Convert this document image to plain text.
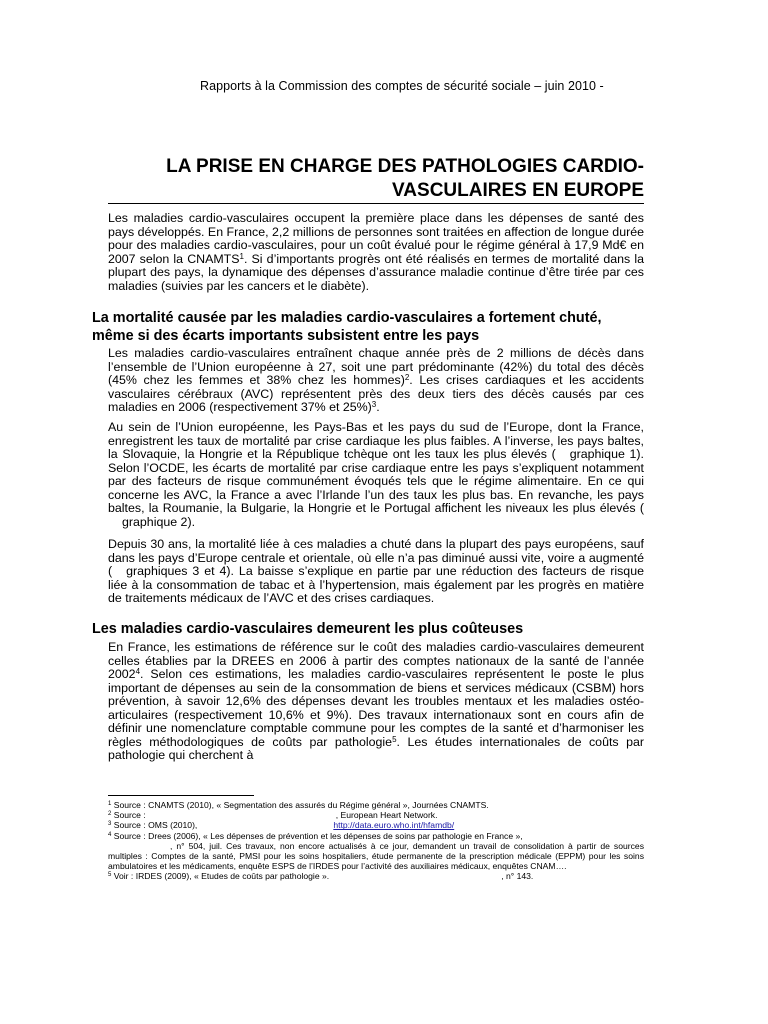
Rapports à la Commission des comptes de sécurité sociale – juin 2010 -
LA PRISE EN CHARGE DES PATHOLOGIES CARDIO-
VASCULAIRES EN EUROPE

Les maladies cardio-vasculaires occupent la première place dans les dépenses de santé des pays développés. En France, 2,2 millions de personnes sont traitées en affection de longue durée pour des maladies cardio-vasculaires, pour un coût évalué pour le régime général à 17,9 Md€ en 2007 selon la CNAMTS$^1$. Si d’importants progrès ont été réalisés en termes de mortalité dans la plupart des pays, la dynamique des dépenses d’assurance maladie continue d’être tirée par ces maladies (suivies par les cancers et le diabète).

La mortalité causée par les maladies cardio-vasculaires a fortement chuté,
même si des écarts importants subsistent entre les pays

Les maladies cardio-vasculaires entraînent chaque année près de 2 millions de décès dans l’ensemble de l’Union européenne à 27, soit une part prédominante (42%) du total des décès (45% chez les femmes et 38% chez les hommes)$^2$. Les crises cardiaques et les accidents vasculaires cérébraux (AVC) représentent près des deux tiers des décès causés par ces maladies en 2006 (respectivement 37% et 25%)$^3$.

Au sein de l’Union européenne, les Pays-Bas et les pays du sud de l’Europe, dont la France, enregistrent les taux de mortalité par crise cardiaque les plus faibles. A l’inverse, les pays baltes, la Slovaquie, la Hongrie et la République tchèque ont les taux les plus élevés ( graphique 1). Selon l’OCDE, les écarts de mortalité par crise cardiaque entre les pays s’expliquent notamment par des facteurs de risque communément évoqués tels que le régime alimentaire. En ce qui concerne les AVC, la France a avec l’Irlande l’un des taux les plus bas. En revanche, les pays baltes, la Roumanie, la Bulgarie, la Hongrie et le Portugal affichent les niveaux les plus élevés (graphique 2).

Depuis 30 ans, la mortalité liée à ces maladies a chuté dans la plupart des pays européens, sauf dans les pays d’Europe centrale et orientale, où elle n’a pas diminué aussi vite, voire a augmenté ( graphiques 3 et 4). La baisse s’explique en partie par une réduction des facteurs de risque liée à la consommation de tabac et à l’hypertension, mais également par les progrès en matière de traitements médicaux de l’AVC et des crises cardiaques.

Les maladies cardio-vasculaires demeurent les plus coûteuses

En France, les estimations de référence sur le coût des maladies cardio-vasculaires demeurent celles établies par la DREES en 2006 à partir des comptes nationaux de la santé de l’année 2002$^4$. Selon ces estimations, les maladies cardio-vasculaires représentent le poste le plus important de dépenses au sein de la consommation de biens et services médicaux (CSBM) hors prévention, à savoir 12,6% des dépenses devant les troubles mentaux et les maladies ostéo-articulaires (respectivement 10,6% et 9%). Des travaux internationaux sont en cours afin de définir une nomenclature comptable commune pour les comptes de la santé et d’harmoniser les règles méthodologiques de coûts par pathologie$^5$. Les études internationales de coûts par pathologie qui cherchent à

$^1$ Source : CNAMTS (2010), « Segmentation des assurés du Régime général », Journées CNAMTS.

$^2$ Source :	, European Heart Network.

$^3$ Source : OMS (2010),	http://data.euro.who.int/hfamdb/

$^4$ Source : Drees (2006), « Les dépenses de prévention et les dépenses de soins par pathologie en France »,
, n° 504, juil. Ces travaux, non encore actualisés à ce jour, demandent un travail de consolidation à partir de sources multiples : Comptes de la santé, PMSI pour les soins hospitaliers, étude permanente de la prescription médicale (EPPM) pour les soins ambulatoires et les médicaments, enquête ESPS de l’IRDES pour l’activité des auxiliaires médicaux, enquêtes CNAM….

$^5$ Voir : IRDES (2009), « Etudes de coûts par pathologie ».	, n° 143.
